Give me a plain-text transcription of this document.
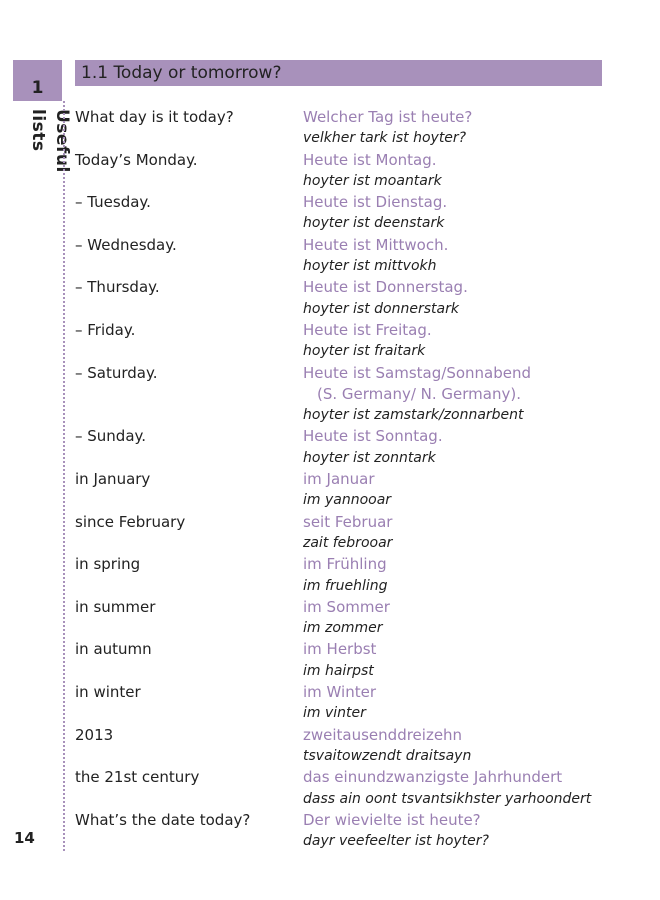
1
Useful lists
14
1.1 Today or tomorrow?
What day is it today?	Welcher Tag ist heute?
velkher tark ist hoyter?
Today’s Monday.	Heute ist Montag.
hoyter ist moantark
– Tuesday.	Heute ist Dienstag.
hoyter ist deenstark
– Wednesday.	Heute ist Mittwoch.
hoyter ist mittvokh
– Thursday.	Heute ist Donnerstag.
hoyter ist donnerstark
– Friday.	Heute ist Freitag.
hoyter ist fraitark
– Saturday.	Heute ist Samstag/Sonnabend
(S. Germany/ N. Germany).
hoyter ist zamstark/zonnarbent
– Sunday.	Heute ist Sonntag.
hoyter ist zonntark
in January	im Januar
im yannooar
since February	seit Februar
zait febrooar
in spring	im Frühling
im fruehling
in summer	im Sommer
im zommer
in autumn	im Herbst
im hairpst
in winter	im Winter
im vinter
2013	zweitausenddreizehn
tsvaitowzendt draitsayn
the 21st century	das einundzwanzigste Jahrhundert
dass ain oont tsvantsikhster yarhoondert
What’s the date today?	Der wievielte ist heute?
dayr veefeelter ist hoyter?
